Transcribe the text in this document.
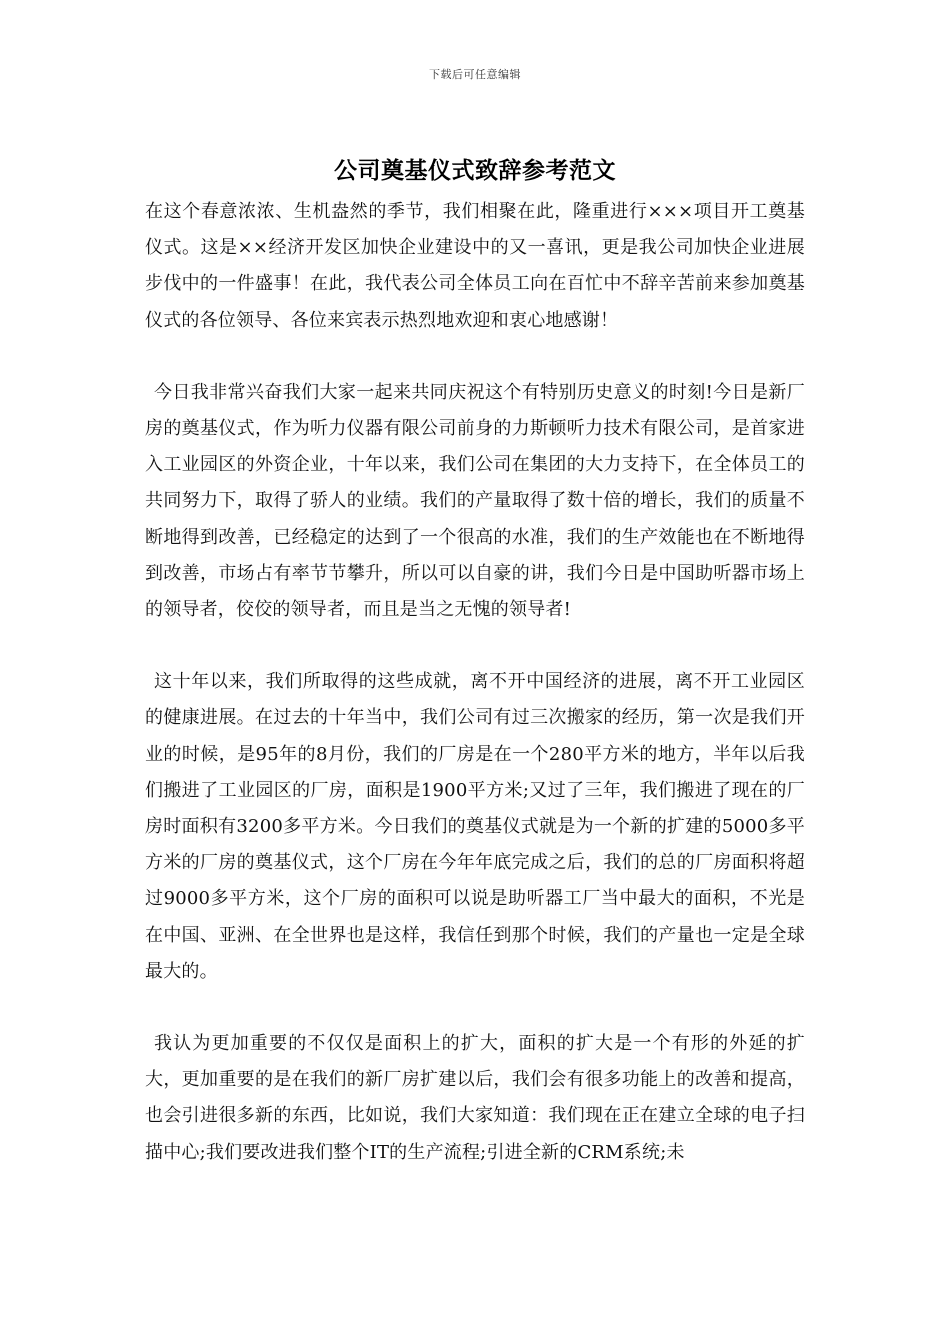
下载后可任意编辑
公司奠基仪式致辞参考范文

在这个春意浓浓、生机盎然的季节，我们相聚在此，隆重进行×××项目开工奠基仪式。这是××经济开发区加快企业建设中的又一喜讯，更是我公司加快企业进展步伐中的一件盛事！在此，我代表公司全体员工向在百忙中不辞辛苦前来参加奠基仪式的各位领导、各位来宾表示热烈地欢迎和衷心地感谢！

今日我非常兴奋我们大家一起来共同庆祝这个有特别历史意义的时刻!今日是新厂房的奠基仪式，作为听力仪器有限公司前身的力斯顿听力技术有限公司，是首家进入工业园区的外资企业，十年以来，我们公司在集团的大力支持下，在全体员工的共同努力下，取得了骄人的业绩。我们的产量取得了数十倍的增长，我们的质量不断地得到改善，已经稳定的达到了一个很高的水准，我们的生产效能也在不断地得到改善，市场占有率节节攀升，所以可以自豪的讲，我们今日是中国助听器市场上的领导者，佼佼的领导者，而且是当之无愧的领导者!

这十年以来，我们所取得的这些成就，离不开中国经济的进展，离不开工业园区的健康进展。在过去的十年当中，我们公司有过三次搬家的经历，第一次是我们开业的时候，是95年的8月份，我们的厂房是在一个280平方米的地方，半年以后我们搬进了工业园区的厂房，面积是1900平方米;又过了三年，我们搬进了现在的厂房时面积有3200多平方米。今日我们的奠基仪式就是为一个新的扩建的5000多平方米的厂房的奠基仪式，这个厂房在今年年底完成之后，我们的总的厂房面积将超过9000多平方米，这个厂房的面积可以说是助听器工厂当中最大的面积，不光是在中国、亚洲、在全世界也是这样，我信任到那个时候，我们的产量也一定是全球最大的。

我认为更加重要的不仅仅是面积上的扩大，面积的扩大是一个有形的外延的扩大，更加重要的是在我们的新厂房扩建以后，我们会有很多功能上的改善和提高，也会引进很多新的东西，比如说，我们大家知道：我们现在正在建立全球的电子扫描中心;我们要改进我们整个IT的生产流程;引进全新的CRM系统;未
